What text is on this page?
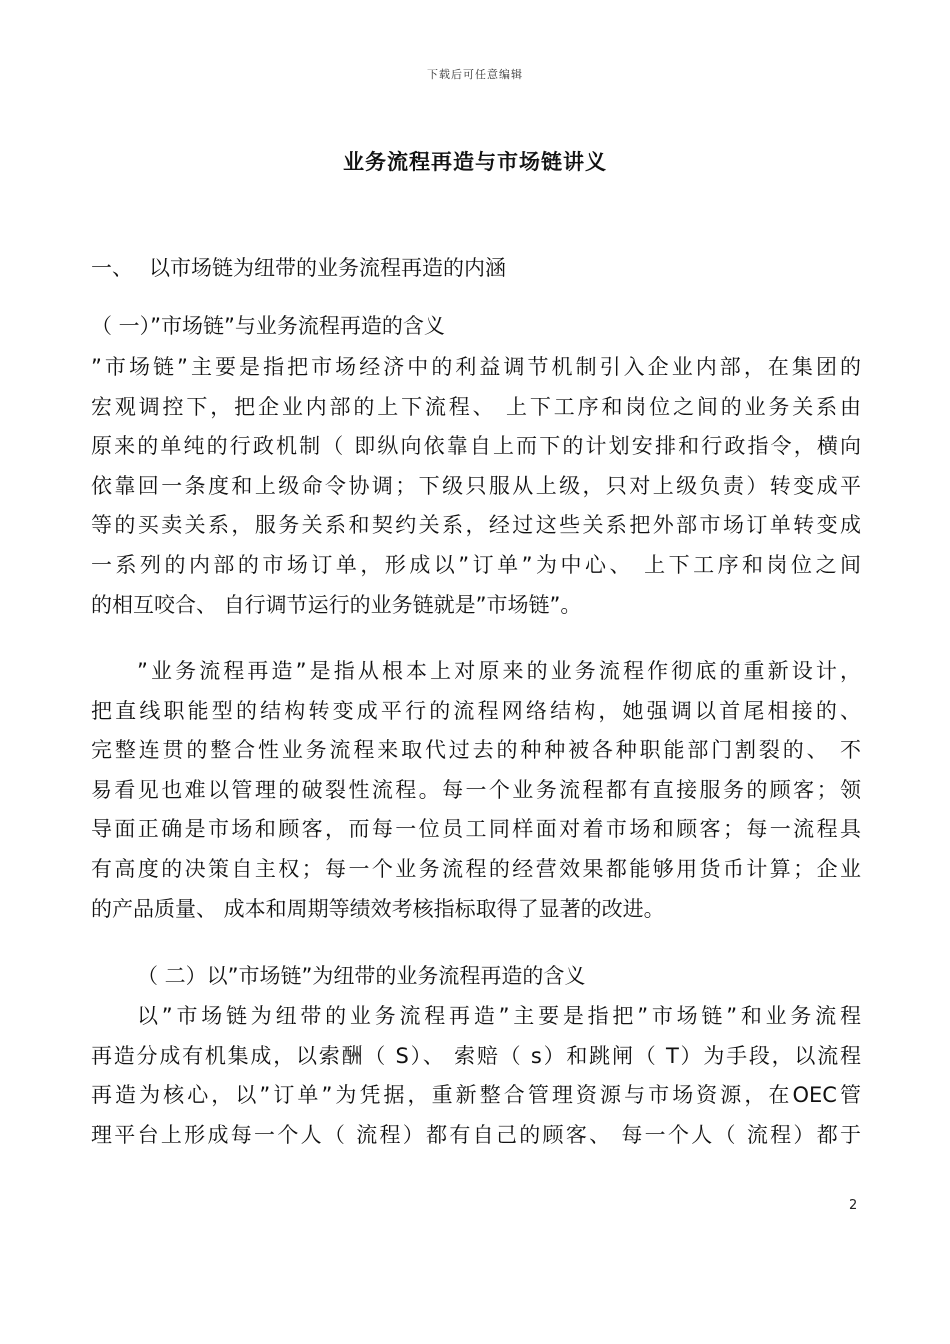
下载后可任意编辑
业务流程再造与市场链讲义
一、 以市场链为纽带的业务流程再造的内涵
（ 一）”市场链”与业务流程再造的含义
”市场链”主要是指把市场经济中的利益调节机制引入企业内部，在集团的
宏观调控下，把企业内部的上下流程、 上下工序和岗位之间的业务关系由
原来的单纯的行政机制（ 即纵向依靠自上而下的计划安排和行政指令，横向
依靠回一条度和上级命令协调；下级只服从上级，只对上级负责）转变成平
等的买卖关系，服务关系和契约关系，经过这些关系把外部市场订单转变成
一系列的内部的市场订单，形成以”订单”为中心、 上下工序和岗位之间
的相互咬合、 自行调节运行的业务链就是”市场链”。
”业务流程再造”是指从根本上对原来的业务流程作彻底的重新设计，
把直线职能型的结构转变成平行的流程网络结构，她强调以首尾相接的、
完整连贯的整合性业务流程来取代过去的种种被各种职能部门割裂的、 不
易看见也难以管理的破裂性流程。每一个业务流程都有直接服务的顾客；领
导面正确是市场和顾客，而每一位员工同样面对着市场和顾客；每一流程具
有高度的决策自主权；每一个业务流程的经营效果都能够用货币计算；企业
的产品质量、 成本和周期等绩效考核指标取得了显著的改进。
（ 二）以”市场链”为纽带的业务流程再造的含义
以”市场链为纽带的业务流程再造”主要是指把”市场链”和业务流程
再造分成有机集成，以索酬（ S）、 索赔（ s）和跳闸（ T）为手段，以流程
再造为核心，以”订单”为凭据，重新整合管理资源与市场资源，在OEC管
理平台上形成每一个人（ 流程）都有自己的顾客、 每一个人（ 流程）都于
2
